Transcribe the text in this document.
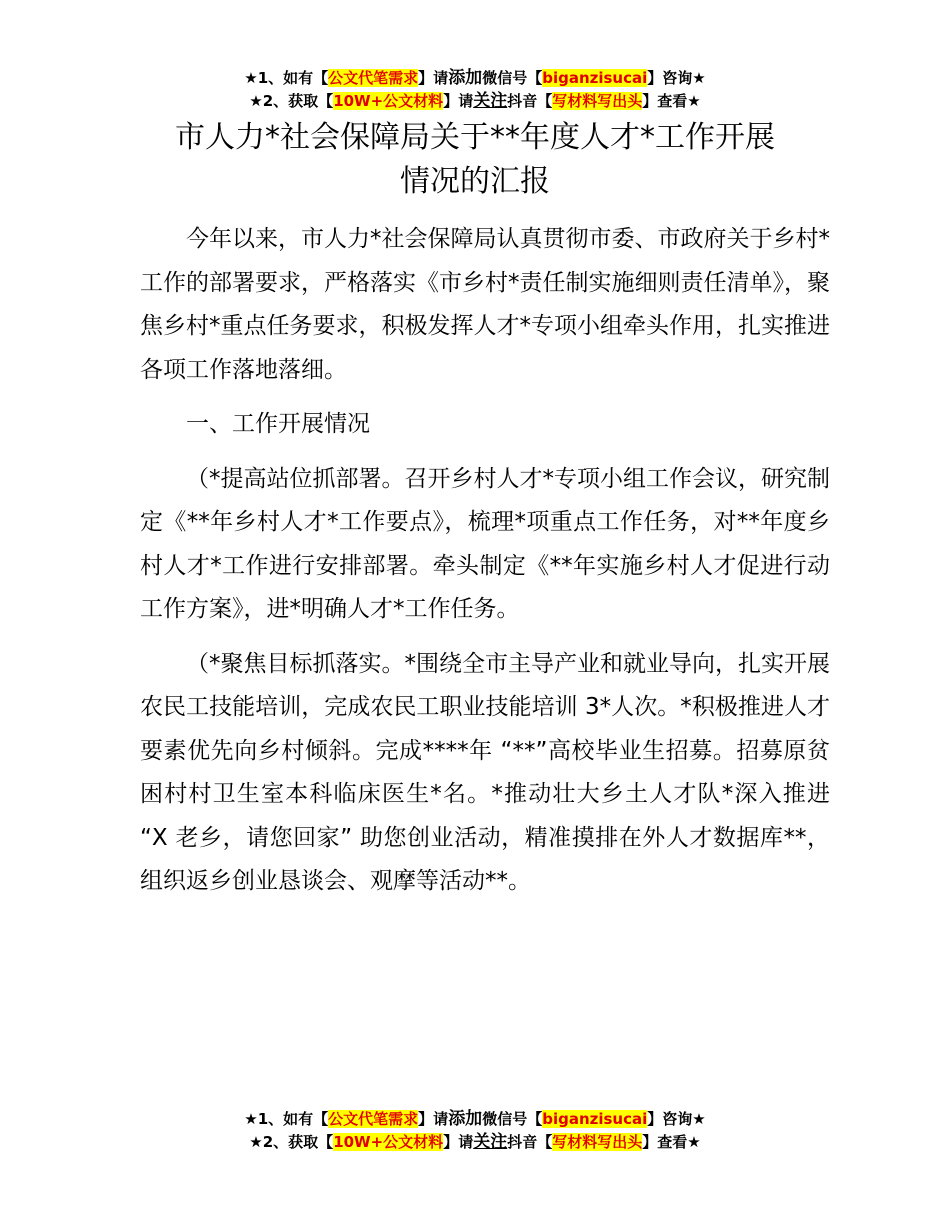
★1、如有【公文代笔需求】请添加微信号【biganzisucai】咨询★
★2、获取【10W+公文材料】请关注抖音【写材料写出头】查看★
市人力*社会保障局关于**年度人才*工作开展
情况的汇报

今年以来，市人力*社会保障局认真贯彻市委、市政府关于乡村*工作的部署要求，严格落实《市乡村*责任制实施细则责任清单》，聚焦乡村*重点任务要求，积极发挥人才*专项小组牵头作用，扎实推进各项工作落地落细。

一、工作开展情况

（*提高站位抓部署。召开乡村人才*专项小组工作会议，研究制定《**年乡村人才*工作要点》，梳理*项重点工作任务，对**年度乡村人才*工作进行安排部署。牵头制定《**年实施乡村人才促进行动工作方案》，进*明确人才*工作任务。

（*聚焦目标抓落实。*围绕全市主导产业和就业导向，扎实开展农民工技能培训，完成农民工职业技能培训 3*人次。*积极推进人才要素优先向乡村倾斜。完成****年 “**”高校毕业生招募。招募原贫困村村卫生室本科临床医生*名。*推动壮大乡土人才队*深入推进 “X 老乡，请您回家” 助您创业活动，精准摸排在外人才数据库**，组织返乡创业恳谈会、观摩等活动**。

★1、如有【公文代笔需求】请添加微信号【biganzisucai】咨询★
★2、获取【10W+公文材料】请关注抖音【写材料写出头】查看★
